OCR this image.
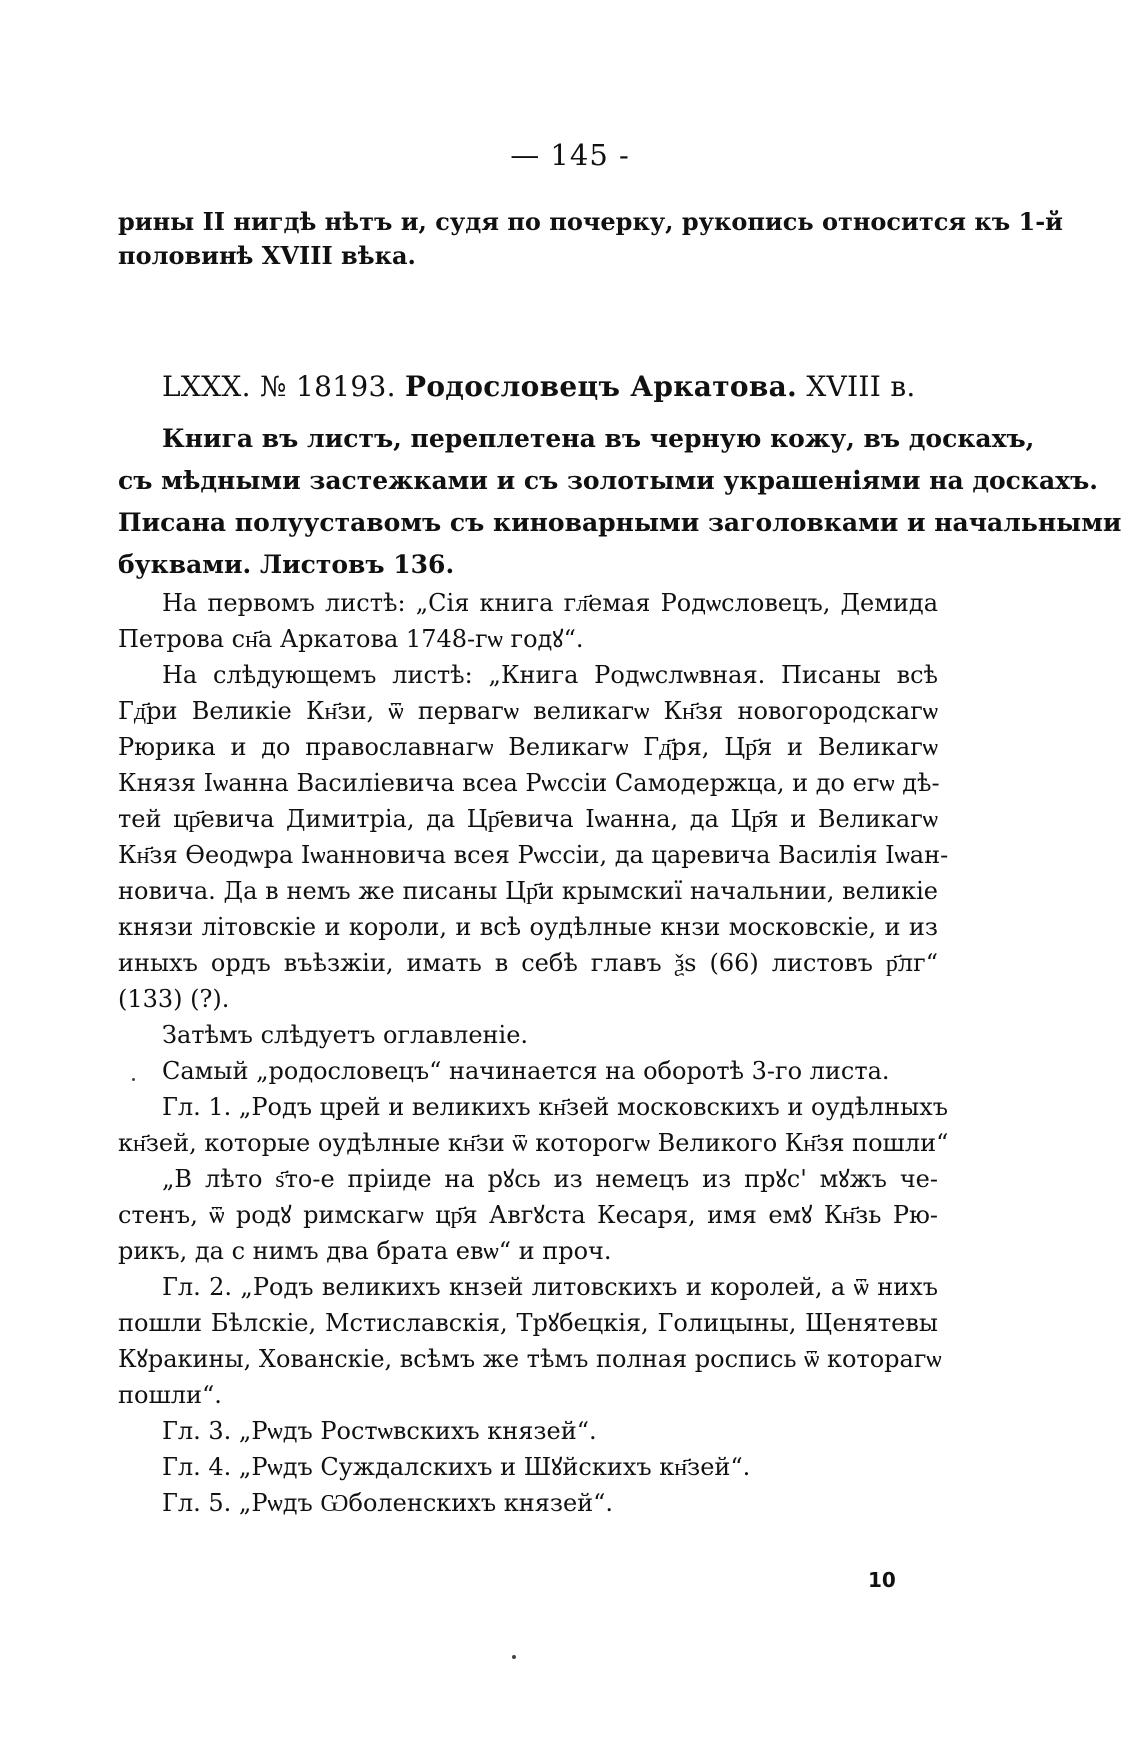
— 145 -
рины II нигдѣ нѣтъ и, судя по почерку, рукопись относится къ 1-й
половинѣ XVIII вѣка.
LXXX. № 18193. Родословецъ Аркатова. XVIII в.
Книга въ листъ, переплетена въ черную кожу, въ доскахъ,
съ мѣдными застежками и съ золотыми украшеніями на доскахъ.
Писана полууставомъ съ киноварными заголовками и начальными
буквами. Листовъ 136.

На первомъ листѣ: „Сія книга гл҃емая Родѡсловецъ, Демида
Петрова сн҃а Аркатова 1748-гѡ годꙋ“.

На слѣдующемъ листѣ: „Книга Родѡслѡвная. Писаны всѣ
Гд҃ри Великіе Кн҃зи, ѿ первагѡ великагѡ Кн҃зя новогородскагѡ
Рюрика и до православнагѡ Великагѡ Гд҃ря, Цр҃я и Великагѡ
Князя Іѡанна Василіевича всеа Рѡссіи Самодержца, и до егѡ дѣ-
тей цр҃евича Димитріа, да Цр҃евича Іѡанна, да Цр҃я и Великагѡ
Кн҃зя Ѳеодѡра Іѡанновича всея Рѡссіи, да царевича Василія Іѡан-
новича. Да в немъ же писаны Цр҃и крымскиї начальнии, великіе
князи літовскіе и короли, и всѣ оудѣлные кнзи московскіе, и из
иныхъ ордъ въѣзжіи, имать в себѣ главъ ѯѕ (66) листовъ р҃лг“
(133) (?).

Затѣмъ слѣдуетъ оглавленіе.

Самый „родословецъ“ начинается на оборотѣ 3-го листа.

Гл. 1. „Родъ црей и великихъ кн҃зей московскихъ и оудѣлныхъ
кн҃зей, которые оудѣлные кн҃зи ѿ которогѡ Великого Кн҃зя пошли“

„В лѣто ѕ҃то-е пріиде на рꙋсь из немецъ из прꙋс' мꙋжъ че-
стенъ, ѿ родꙋ римскагѡ цр҃я Авгꙋста Кесаря, имя емꙋ Кн҃зь Рю-
рикъ, да с нимъ два брата евѡ“ и проч.

Гл. 2. „Родъ великихъ кнзей литовскихъ и королей, а ѿ нихъ
пошли Бѣлскіе, Мстиславскія, Трꙋбецкія, Голицыны, Щенятевы
Кꙋракины, Хованскіе, всѣмъ же тѣмъ полная роспись ѿ которагѡ
пошли“.

Гл. 3. „Рѡдъ Ростѡвскихъ князей“.

Гл. 4. „Рѡдъ Суждалскихъ и Шꙋйскихъ кн҃зей“.

Гл. 5. „Рѡдъ Ѡболенскихъ князей“.

10
